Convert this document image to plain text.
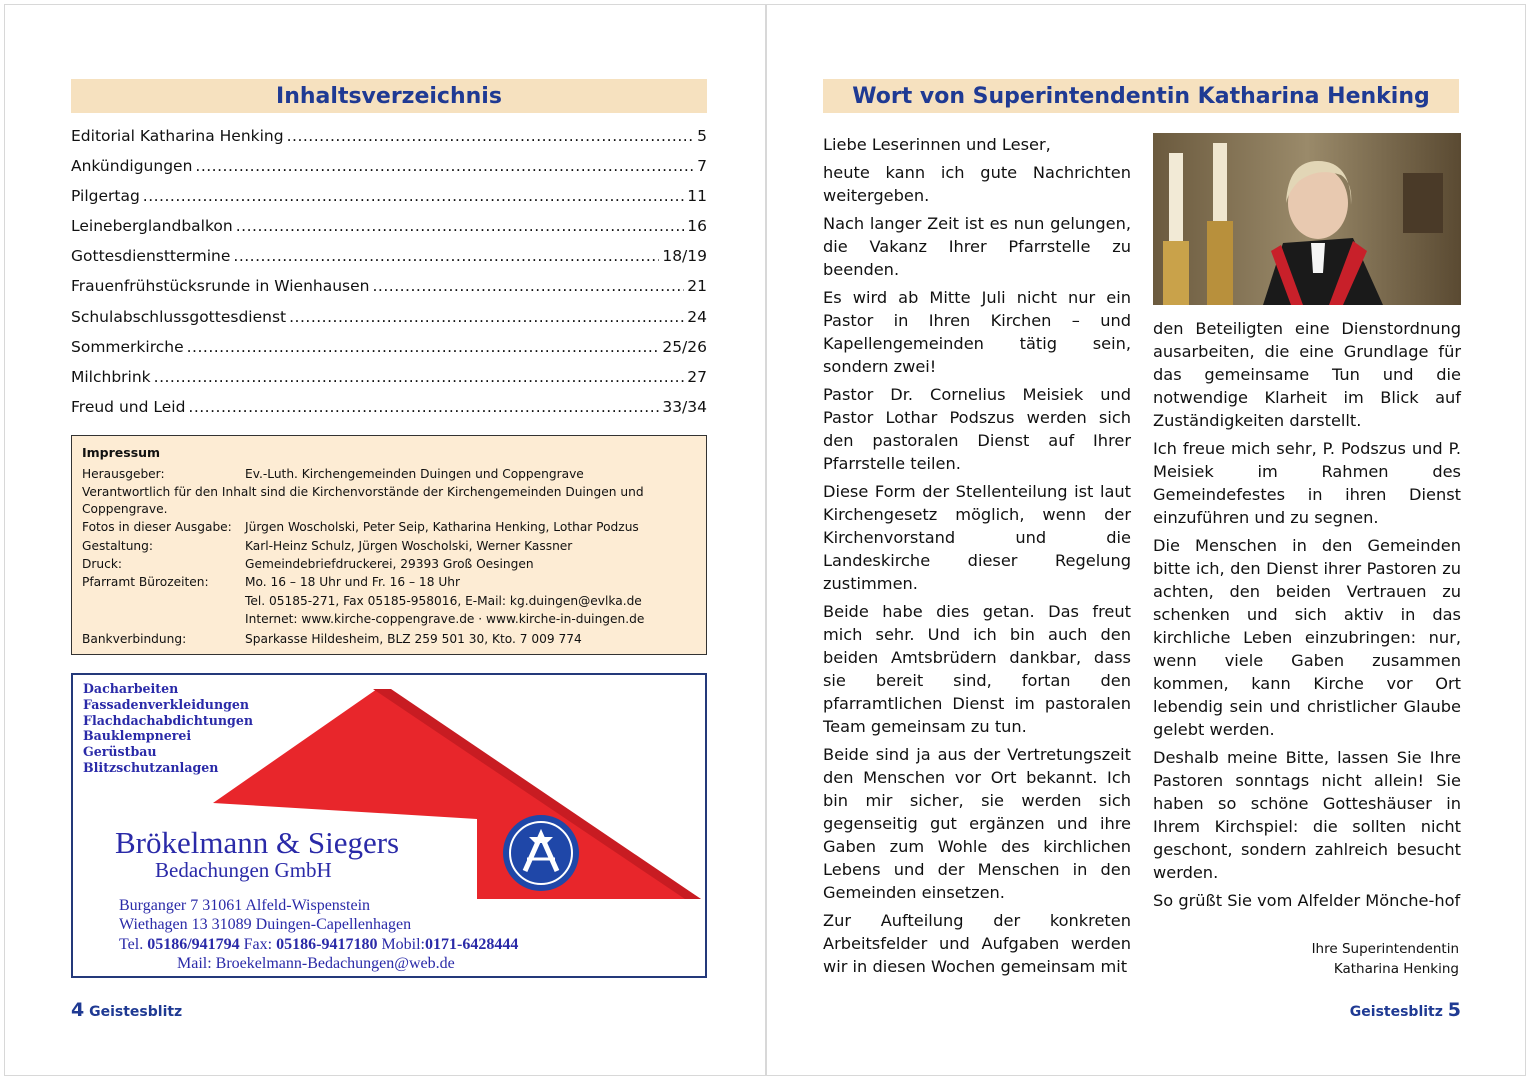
Inhaltsverzeichnis
Editorial Katharina Henking .....	5
Ankündigungen .....	7
Pilgertag .....	11
Leineberglandbalkon .....	16
Gottesdiensttermine .....	18/19
Frauenfrühstücksrunde in Wienhausen .....	21
Schulabschlussgottesdienst .....	24
Sommerkirche .....	25/26
Milchbrink .....	27
Freud und Leid .....	33/34
Impressum
Herausgeber:	Ev.-Luth. Kirchengemeinden Duingen und Coppengrave
Verantwortlich für den Inhalt sind die Kirchenvorstände der Kirchengemeinden Duingen und
Coppengrave.
Fotos in dieser Ausgabe: Jürgen Woscholski, Peter Seip, Katharina Henking, Lothar Podzus
Gestaltung:	Karl-Heinz Schulz, Jürgen Woscholski, Werner Kassner
Druck:	Gemeindebriefdruckerei, 29393 Groß Oesingen
Pfarramt Bürozeiten:	Mo. 16 – 18 Uhr und Fr. 16 – 18 Uhr
Tel. 05185-271, Fax 05185-958016, E-Mail: kg.duingen@evlka.de
Internet: www.kirche-coppengrave.de · www.kirche-in-duingen.de
Bankverbindung:	Sparkasse Hildesheim, BLZ 259 501 30, Kto. 7 009 774
Dacharbeiten
Fassadenverkleidungen
Flachdachabdichtungen
Bauklempnerei
Gerüstbau
Blitzschutzanlagen
Brökelmann & Siegers
Bedachungen GmbH
Burganger 7 31061 Alfeld-Wispenstein
Wiethagen 13 31089 Duingen-Capellenhagen
Tel. 05186/941794 Fax: 05186-9417180 Mobil:0171-6428444
Mail: Broekelmann-Bedachungen@web.de
4 Geistesblitz
Wort von Superintendentin Katharina Henking

Liebe Leserinnen und Leser,

heute kann ich gute Nachrichten weitergeben.

Nach langer Zeit ist es nun gelungen, die Vakanz Ihrer Pfarrstelle zu beenden.

Es wird ab Mitte Juli nicht nur ein Pastor in Ihren Kirchen – und Kapellengemeinden tätig sein, sondern zwei!

Pastor Dr. Cornelius Meisiek und Pastor Lothar Podszus werden sich den pastoralen Dienst auf Ihrer Pfarrstelle teilen.

Diese Form der Stellenteilung ist laut Kirchengesetz möglich, wenn der Kirchenvorstand und die Landeskirche dieser Regelung zustimmen.

Beide habe dies getan. Das freut mich sehr. Und ich bin auch den beiden Amtsbrüdern dankbar, dass sie bereit sind, fortan den pfarramtlichen Dienst im pastoralen Team gemeinsam zu tun.

Beide sind ja aus der Vertretungszeit den Menschen vor Ort bekannt. Ich bin mir sicher, sie werden sich gegenseitig gut ergänzen und ihre Gaben zum Wohle des kirchlichen Lebens und der Menschen in den Gemeinden einsetzen.

Zur Aufteilung der konkreten Arbeitsfelder und Aufgaben werden wir in diesen Wochen gemeinsam mit

den Beteiligten eine Dienstordnung ausarbeiten, die eine Grundlage für das gemeinsame Tun und die notwendige Klarheit im Blick auf Zuständigkeiten darstellt.

Ich freue mich sehr, P. Podszus und P. Meisiek im Rahmen des Gemeindefestes in ihren Dienst einzuführen und zu segnen.

Die Menschen in den Gemeinden bitte ich, den Dienst ihrer Pastoren zu achten, den beiden Vertrauen zu schenken und sich aktiv in das kirchliche Leben einzubringen: nur, wenn viele Gaben zusammen kommen, kann Kirche vor Ort lebendig sein und christlicher Glaube gelebt werden.

Deshalb meine Bitte, lassen Sie Ihre Pastoren sonntags nicht allein! Sie haben so schöne Gotteshäuser in Ihrem Kirchspiel: die sollten nicht geschont, sondern zahlreich besucht werden.

So grüßt Sie vom Alfelder Mönche-hof

Ihre Superintendentin
Katharina Henking
Geistesblitz 5
